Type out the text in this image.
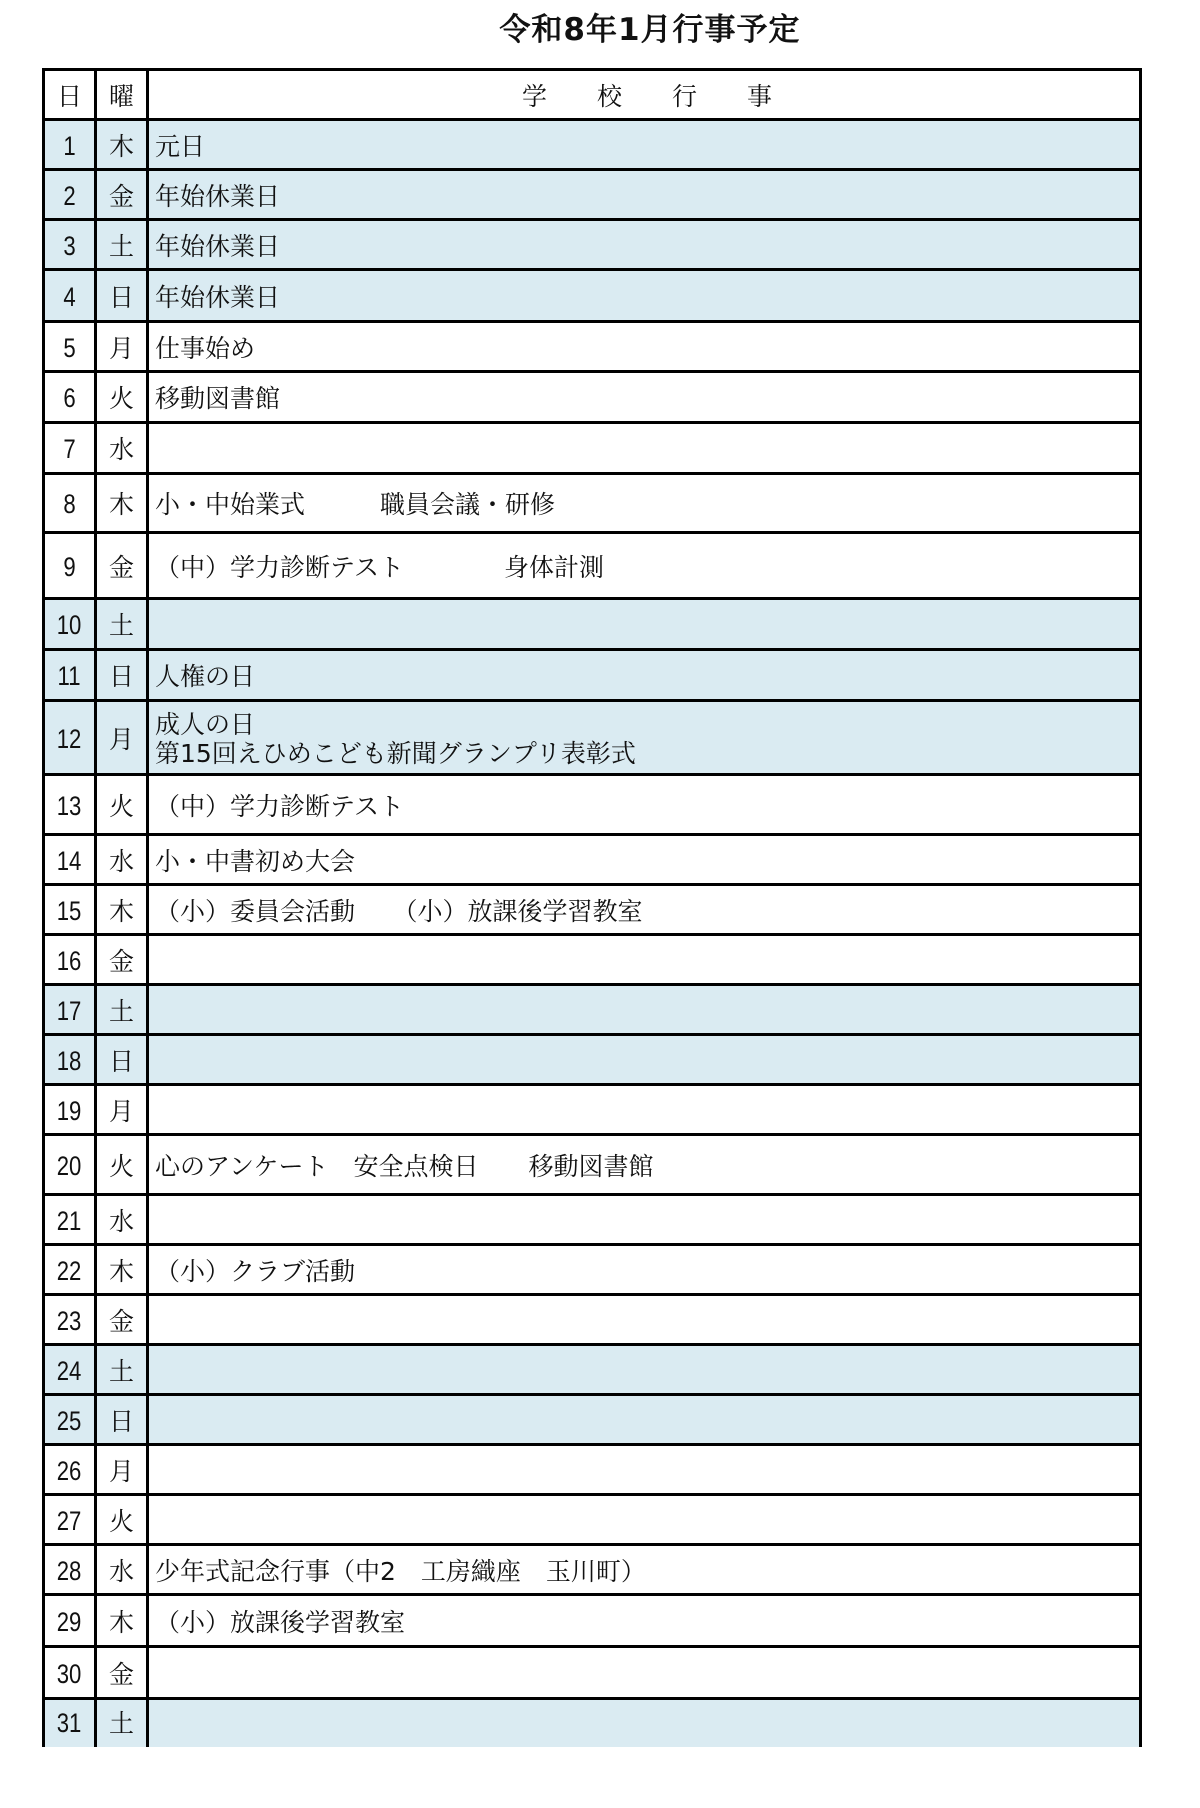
令和8年1月行事予定
日	曜	学　　校　　行　　事
1	木 元日
2	金 年始休業日
3	土 年始休業日
4	日 年始休業日
5	月 仕事始め
6	火 移動図書館
7	水
8	木 小・中始業式　　　職員会議・研修
9	金 （中）学力診断テスト　　　　身体計測
10	土
11	日 人権の日
12	月 成人の日
第15回えひめこども新聞グランプリ表彰式
13	火 （中）学力診断テスト
14	水 小・中書初め大会
15	木 （小）委員会活動　　（小）放課後学習教室
16	金
17	土
18	日
19	月
20	火 心のアンケート　安全点検日　　移動図書館
21	水
22	木 （小）クラブ活動
23	金
24	土
25	日
26	月
27	火
28	水 少年式記念行事（中2　工房織座　玉川町）
29	木 （小）放課後学習教室
30	金
31	土
